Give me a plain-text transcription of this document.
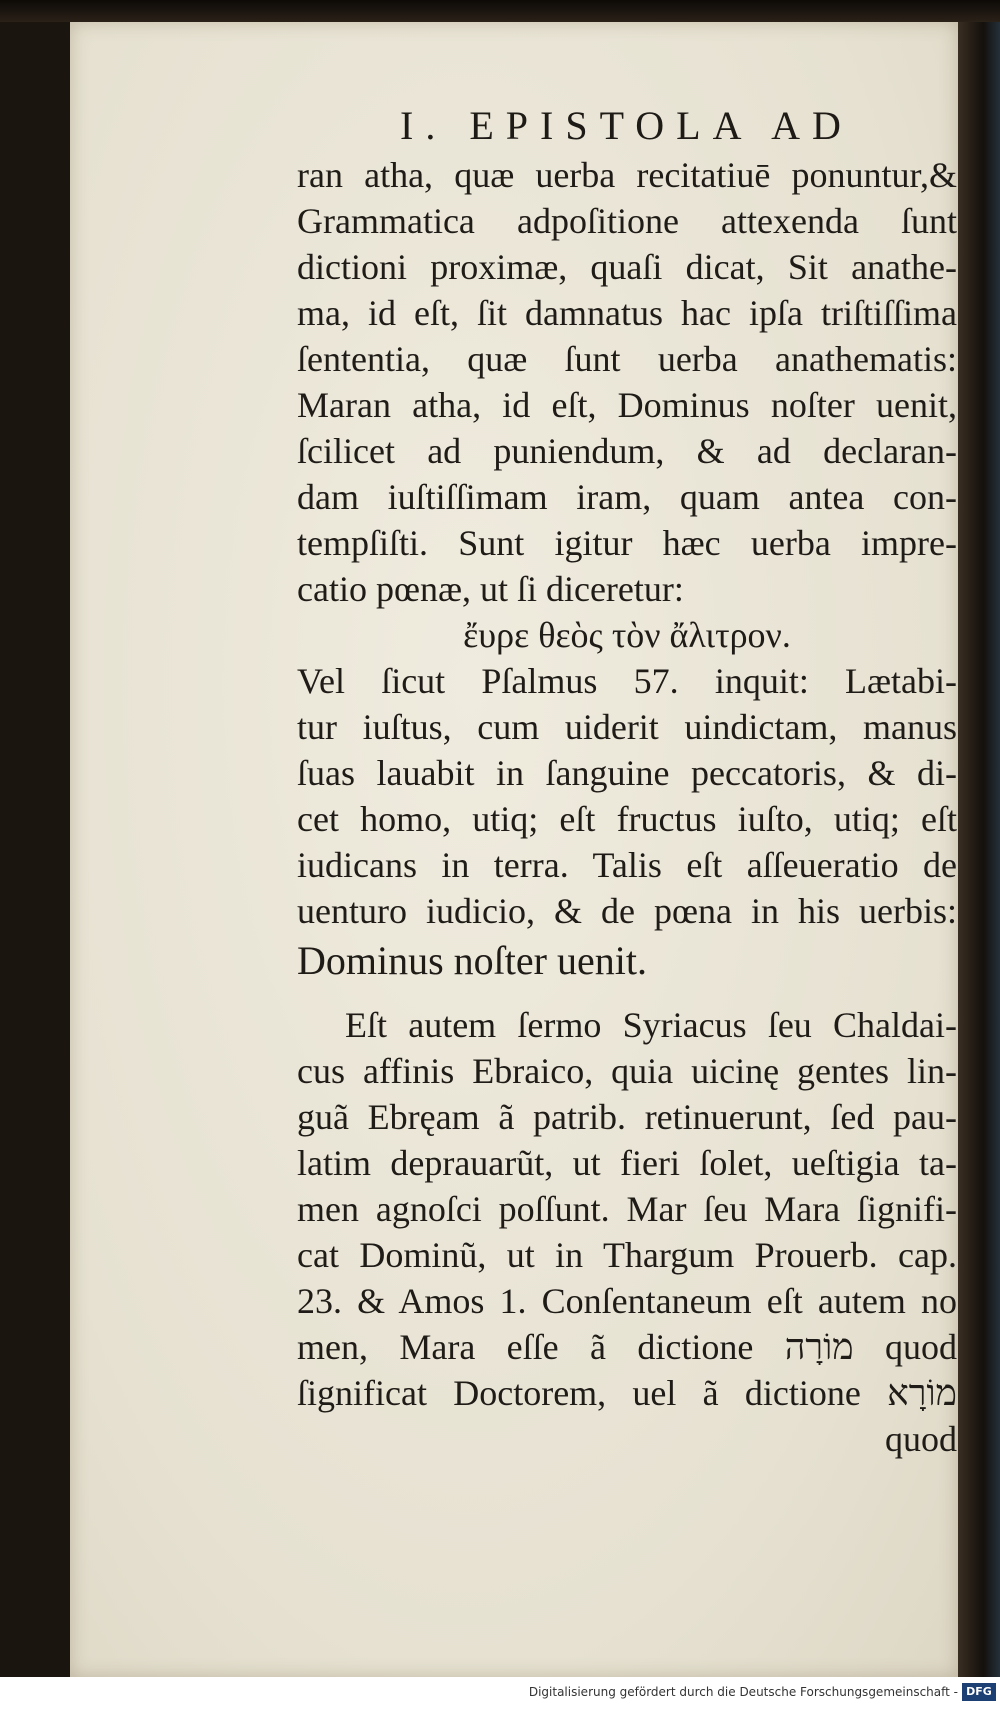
I. EPISTOLA AD
ran atha, quæ uerba recitatiuē ponuntur,&
Grammatica adpoſitione attexenda ſunt
dictioni proximæ, quaſi dicat, Sit anathe-
ma, id eſt, ſit damnatus hac ipſa triſtiſſima
ſententia, quæ ſunt uerba anathematis:
Maran atha, id eſt, Dominus noſter uenit,
ſcilicet ad puniendum, & ad declaran-
dam iuſtiſſimam iram, quam antea con-
tempſiſti. Sunt igitur hæc uerba impre-
catio pœnæ, ut ſi diceretur:
ἔυρε θεὸς τὸν ἄλιτρον.
Vel ſicut Pſalmus 57. inquit: Lætabi-
tur iuſtus, cum uiderit uindictam, manus
ſuas lauabit in ſanguine peccatoris, & di-
cet homo, utiq; eſt fructus iuſto, utiq; eſt
iudicans in terra. Talis eſt aſſeueratio de
uenturo iudicio, & de pœna in his uerbis:
Dominus noſter uenit.
Eſt autem ſermo Syriacus ſeu Chaldai-
cus affinis Ebraico, quia uicinę gentes lin-
guã Ebręam ã patrib. retinuerunt, ſed pau-
latim deprauarũt, ut fieri ſolet, ueſtigia ta-
men agnoſci poſſunt. Mar ſeu Mara ſignifi-
cat Dominũ, ut in Thargum Prouerb. cap.
23. & Amos 1. Conſentaneum eſt autem no
men, Mara eſſe ã dictione מוֹרָה quod
ſignificat Doctorem, uel ã dictione מוֹרָא
quod
Digitalisierung gefördert durch die Deutsche Forschungsgemeinschaft - DFG
